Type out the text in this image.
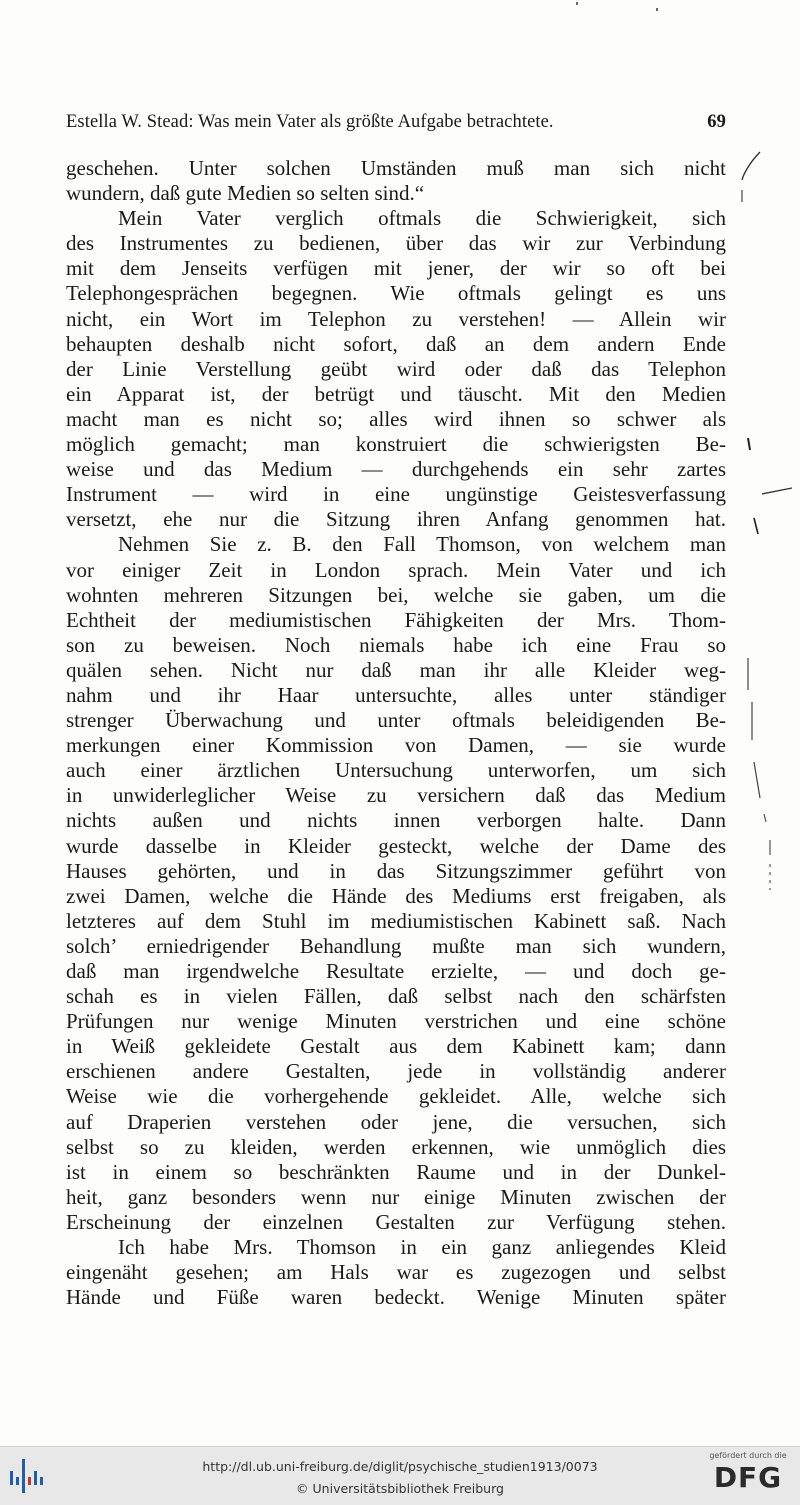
Estella W. Stead: Was mein Vater als größte Aufgabe betrachtete.	69
geschehen. Unter solchen Umständen muß man sich nicht
wundern, daß gute Medien so selten sind.“
Mein Vater verglich oftmals die Schwierigkeit, sich
des Instrumentes zu bedienen, über das wir zur Verbindung
mit dem Jenseits verfügen mit jener, der wir so oft bei
Telephongesprächen begegnen. Wie oftmals gelingt es uns
nicht, ein Wort im Telephon zu verstehen! — Allein wir
behaupten deshalb nicht sofort, daß an dem andern Ende
der Linie Verstellung geübt wird oder daß das Telephon
ein Apparat ist, der betrügt und täuscht. Mit den Medien
macht man es nicht so; alles wird ihnen so schwer als
möglich gemacht; man konstruiert die schwierigsten Be-
weise und das Medium — durchgehends ein sehr zartes
Instrument — wird in eine ungünstige Geistesverfassung
versetzt, ehe nur die Sitzung ihren Anfang genommen hat.
Nehmen Sie z. B. den Fall Thomson, von welchem man
vor einiger Zeit in London sprach. Mein Vater und ich
wohnten mehreren Sitzungen bei, welche sie gaben, um die
Echtheit der mediumistischen Fähigkeiten der Mrs. Thom-
son zu beweisen. Noch niemals habe ich eine Frau so
quälen sehen. Nicht nur daß man ihr alle Kleider weg-
nahm und ihr Haar untersuchte, alles unter ständiger
strenger Überwachung und unter oftmals beleidigenden Be-
merkungen einer Kommission von Damen, — sie wurde
auch einer ärztlichen Untersuchung unterworfen, um sich
in unwiderleglicher Weise zu versichern daß das Medium
nichts außen und nichts innen verborgen halte. Dann
wurde dasselbe in Kleider gesteckt, welche der Dame des
Hauses gehörten, und in das Sitzungszimmer geführt von
zwei Damen, welche die Hände des Mediums erst freigaben, als
letzteres auf dem Stuhl im mediumistischen Kabinett saß. Nach
solch’ erniedrigender Behandlung mußte man sich wundern,
daß man irgendwelche Resultate erzielte, — und doch ge-
schah es in vielen Fällen, daß selbst nach den schärfsten
Prüfungen nur wenige Minuten verstrichen und eine schöne
in Weiß gekleidete Gestalt aus dem Kabinett kam; dann
erschienen andere Gestalten, jede in vollständig anderer
Weise wie die vorhergehende gekleidet. Alle, welche sich
auf Draperien verstehen oder jene, die versuchen, sich
selbst so zu kleiden, werden erkennen, wie unmöglich dies
ist in einem so beschränkten Raume und in der Dunkel-
heit, ganz besonders wenn nur einige Minuten zwischen der
Erscheinung der einzelnen Gestalten zur Verfügung stehen.
Ich habe Mrs. Thomson in ein ganz anliegendes Kleid
eingenäht gesehen; am Hals war es zugezogen und selbst
Hände und Füße waren bedeckt. Wenige Minuten später
http://dl.ub.uni-freiburg.de/diglit/psychische_studien1913/0073
© Universitätsbibliothek Freiburg
gefördert durch die
DFG
